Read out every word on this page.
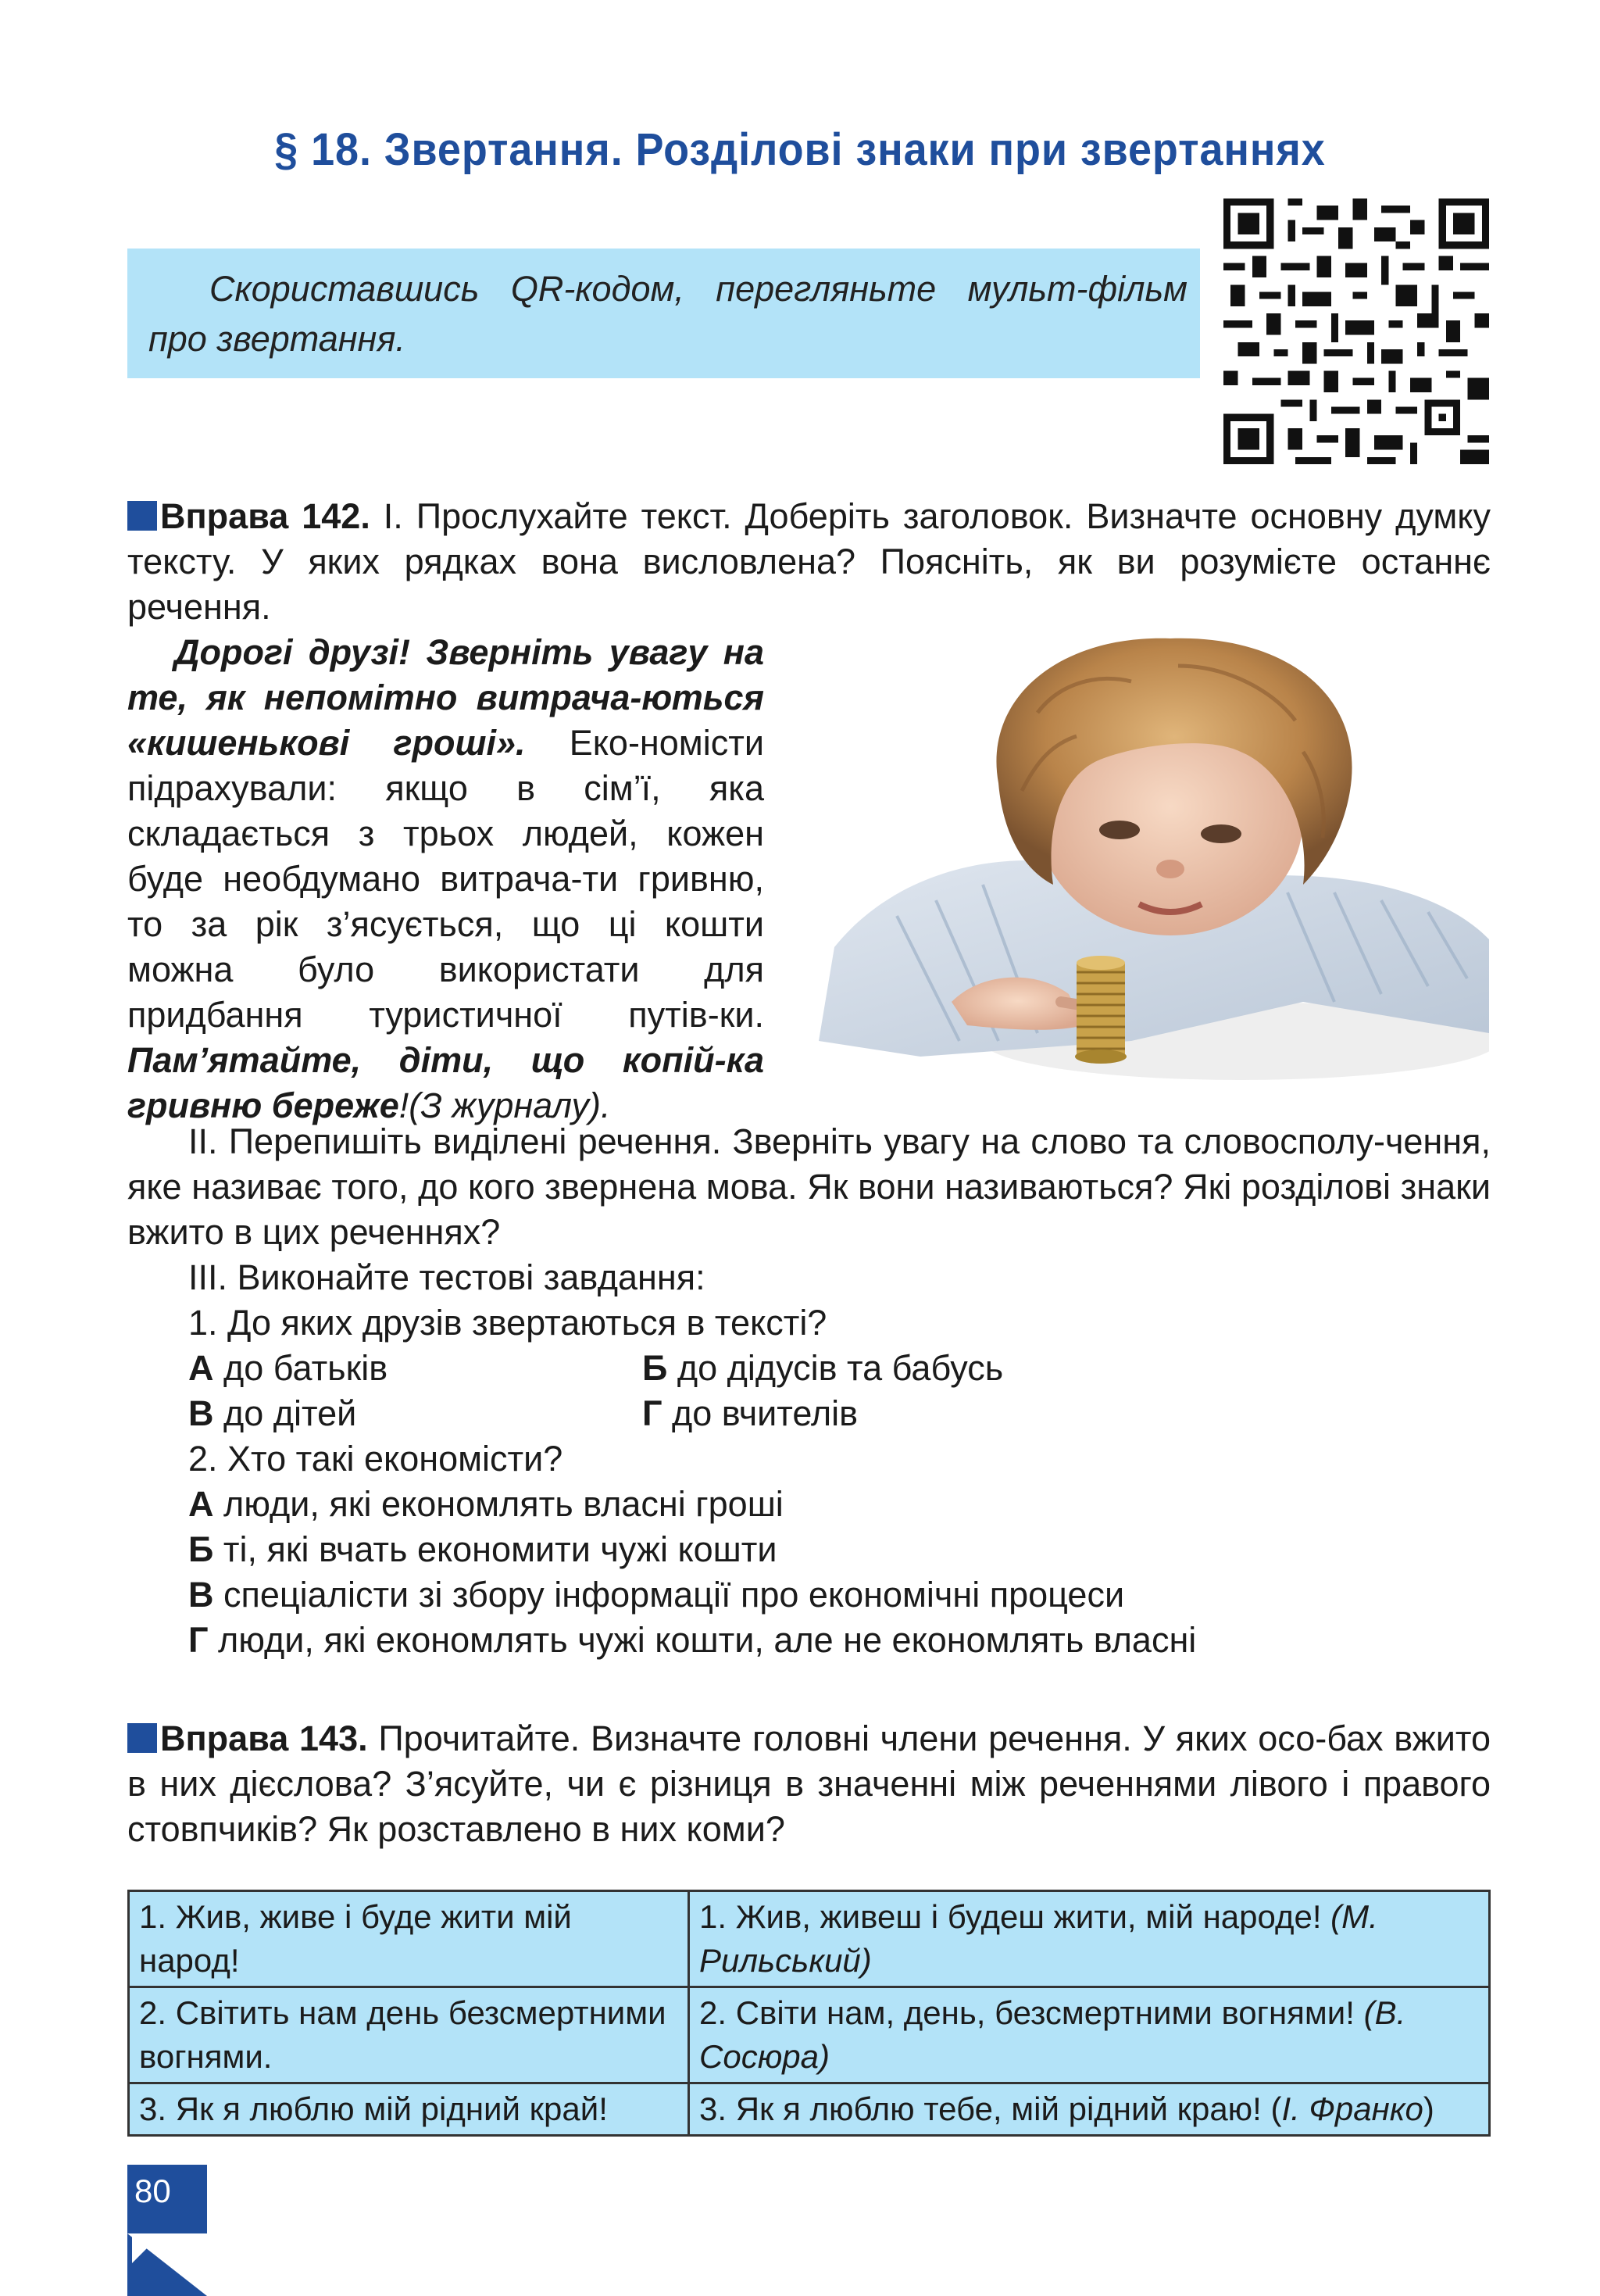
§ 18. Звертання. Розділові знаки при звертаннях
Скориставшись QR-кодом, перегляньте мульт-фільм про звертання.
Вправа 142. І. Прослухайте текст. Доберіть заголовок. Визначте основну думку тексту. У яких рядках вона висловлена? Поясніть, як ви розумієте останнє речення.
Дорогі друзі! Зверніть увагу на те, як непомітно витрача-ються «кишенькові гроші». Еко-номісти підрахували: якщо в сім’ї, яка складається з трьох людей, кожен буде необдумано витрача-ти гривню, то за рік з’ясується, що ці кошти можна було використати для придбання туристичної путів-ки. Пам’ятайте, діти, що копій-ка гривню береже!(З журналу).
ІІ. Перепишіть виділені речення. Зверніть увагу на слово та словосполу-чення, яке називає того, до кого звернена мова. Як вони називаються? Які розділові знаки вжито в цих реченнях?
ІІІ. Виконайте тестові завдання:
1. До яких друзів звертаються в тексті?
А до батьків	Б до дідусів та бабусь
В до дітей	Г до вчителів
2. Хто такі економісти?
А люди, які економлять власні гроші
Б ті, які вчать економити чужі кошти
В спеціалісти зі збору інформації про економічні процеси
Г люди, які економлять чужі кошти, але не економлять власні
Вправа 143. Прочитайте. Визначте головні члени речення. У яких осо-бах вжито в них дієслова? З’ясуйте, чи є різниця в значенні між реченнями лівого і правого стовпчиків? Як розставлено в них коми?
1. Жив, живе і буде жити мій народ!	1. Жив, живеш і будеш жити, мій народе! (М. Рильський)
2. Світить нам день безсмертними вогнями.	2. Світи нам, день, безсмертними вогнями! (В. Сосюра)
3. Як я люблю мій рідний край!	3. Як я люблю тебе, мій рідний краю! (І. Франко)
80
